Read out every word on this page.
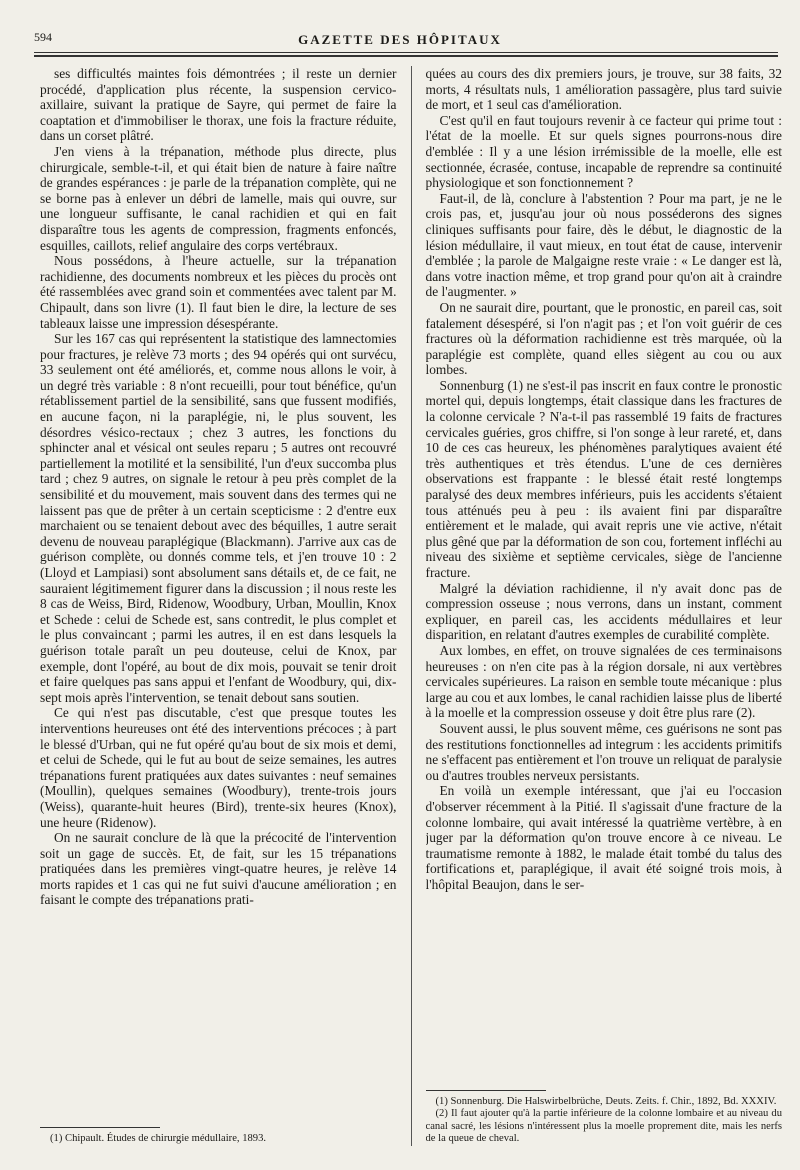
594	GAZETTE DES HÔPITAUX

ses difficultés maintes fois démontrées ; il reste un dernier procédé, d'application plus récente, la suspension cervico-axillaire, suivant la pratique de Sayre, qui permet de faire la coaptation et d'immobiliser le thorax, une fois la fracture réduite, dans un corset plâtré.

J'en viens à la trépanation, méthode plus directe, plus chirurgicale, semble-t-il, et qui était bien de nature à faire naître de grandes espérances : je parle de la trépanation complète, qui ne se borne pas à enlever un débri de lamelle, mais qui ouvre, sur une longueur suffisante, le canal rachidien et qui en fait disparaître tous les agents de compression, fragments enfoncés, esquilles, caillots, relief angulaire des corps vertébraux.

Nous possédons, à l'heure actuelle, sur la trépanation rachidienne, des documents nombreux et les pièces du procès ont été rassemblées avec grand soin et commentées avec talent par M. Chipault, dans son livre (1). Il faut bien le dire, la lecture de ses tableaux laisse une impression désespérante.

Sur les 167 cas qui représentent la statistique des lamnectomies pour fractures, je relève 73 morts ; des 94 opérés qui ont survécu, 33 seulement ont été améliorés, et, comme nous allons le voir, à un degré très variable : 8 n'ont recueilli, pour tout bénéfice, qu'un rétablissement partiel de la sensibilité, sans que fussent modifiés, en aucune façon, ni la paraplégie, ni, le plus souvent, les désordres vésico-rectaux ; chez 3 autres, les fonctions du sphincter anal et vésical ont seules reparu ; 5 autres ont recouvré partiellement la motilité et la sensibilité, l'un d'eux succomba plus tard ; chez 9 autres, on signale le retour à peu près complet de la sensibilité et du mouvement, mais souvent dans des termes qui ne laissent pas que de prêter à un certain scepticisme : 2 d'entre eux marchaient ou se tenaient debout avec des béquilles, 1 autre serait devenu de nouveau paraplégique (Blackmann). J'arrive aux cas de guérison complète, ou donnés comme tels, et j'en trouve 10 : 2 (Lloyd et Lampiasi) sont absolument sans détails et, de ce fait, ne sauraient légitimement figurer dans la discussion ; il nous reste les 8 cas de Weiss, Bird, Ridenow, Woodbury, Urban, Moullin, Knox et Schede : celui de Schede est, sans contredit, le plus complet et le plus convaincant ; parmi les autres, il en est dans lesquels la guérison totale paraît un peu douteuse, celui de Knox, par exemple, dont l'opéré, au bout de dix mois, pouvait se tenir droit et faire quelques pas sans appui et l'enfant de Woodbury, qui, dix-sept mois après l'intervention, se tenait debout sans soutien.

Ce qui n'est pas discutable, c'est que presque toutes les interventions heureuses ont été des interventions précoces ; à part le blessé d'Urban, qui ne fut opéré qu'au bout de six mois et demi, et celui de Schede, qui le fut au bout de seize semaines, les autres trépanations furent pratiquées aux dates suivantes : neuf semaines (Moullin), quelques semaines (Woodbury), trente-trois jours (Weiss), quarante-huit heures (Bird), trente-six heures (Knox), une heure (Ridenow).

On ne saurait conclure de là que la précocité de l'intervention soit un gage de succès. Et, de fait, sur les 15 trépanations pratiquées dans les premières vingt-quatre heures, je relève 14 morts rapides et 1 cas qui ne fut suivi d'aucune amélioration ; en faisant le compte des trépanations prati-

(1) Chipault. Études de chirurgie médullaire, 1893.

quées au cours des dix premiers jours, je trouve, sur 38 faits, 32 morts, 4 résultats nuls, 1 amélioration passagère, plus tard suivie de mort, et 1 seul cas d'amélioration.

C'est qu'il en faut toujours revenir à ce facteur qui prime tout : l'état de la moelle. Et sur quels signes pourrons-nous dire d'emblée : Il y a une lésion irrémissible de la moelle, elle est sectionnée, écrasée, contuse, incapable de reprendre sa continuité physiologique et son fonctionnement ?

Faut-il, de là, conclure à l'abstention ? Pour ma part, je ne le crois pas, et, jusqu'au jour où nous posséderons des signes cliniques suffisants pour faire, dès le début, le diagnostic de la lésion médullaire, il vaut mieux, en tout état de cause, intervenir d'emblée ; la parole de Malgaigne reste vraie : « Le danger est là, dans votre inaction même, et trop grand pour qu'on ait à craindre de l'augmenter. »

On ne saurait dire, pourtant, que le pronostic, en pareil cas, soit fatalement désespéré, si l'on n'agit pas ; et l'on voit guérir de ces fractures où la déformation rachidienne est très marquée, où la paraplégie est complète, quand elles siègent au cou ou aux lombes.

Sonnenburg (1) ne s'est-il pas inscrit en faux contre le pronostic mortel qui, depuis longtemps, était classique dans les fractures de la colonne cervicale ? N'a-t-il pas rassemblé 19 faits de fractures cervicales guéries, gros chiffre, si l'on songe à leur rareté, et, dans 10 de ces cas heureux, les phénomènes paralytiques avaient été très authentiques et très étendus. L'une de ces dernières observations est frappante : le blessé était resté longtemps paralysé des deux membres inférieurs, puis les accidents s'étaient tous atténués peu à peu : ils avaient fini par disparaître entièrement et le malade, qui avait repris une vie active, n'était plus gêné que par la déformation de son cou, fortement infléchi au niveau des sixième et septième cervicales, siège de l'ancienne fracture.

Malgré la déviation rachidienne, il n'y avait donc pas de compression osseuse ; nous verrons, dans un instant, comment expliquer, en pareil cas, les accidents médullaires et leur disparition, en relatant d'autres exemples de curabilité complète.

Aux lombes, en effet, on trouve signalées de ces terminaisons heureuses : on n'en cite pas à la région dorsale, ni aux vertèbres cervicales supérieures. La raison en semble toute mécanique : plus large au cou et aux lombes, le canal rachidien laisse plus de liberté à la moelle et la compression osseuse y doit être plus rare (2).

Souvent aussi, le plus souvent même, ces guérisons ne sont pas des restitutions fonctionnelles ad integrum : les accidents primitifs ne s'effacent pas entièrement et l'on trouve un reliquat de paralysie ou d'autres troubles nerveux persistants.

En voilà un exemple intéressant, que j'ai eu l'occasion d'observer récemment à la Pitié. Il s'agissait d'une fracture de la colonne lombaire, qui avait intéressé la quatrième vertèbre, à en juger par la déformation qu'on trouve encore à ce niveau. Le traumatisme remonte à 1882, le malade était tombé du talus des fortifications et, paraplégique, il avait été soigné trois mois, à l'hôpital Beaujon, dans le ser-

(1) Sonnenburg. Die Halswirbelbrüche, Deuts. Zeits. f. Chir., 1892, Bd. XXXIV.

(2) Il faut ajouter qu'à la partie inférieure de la colonne lombaire et au niveau du canal sacré, les lésions n'intéressent plus la moelle proprement dite, mais les nerfs de la queue de cheval.
